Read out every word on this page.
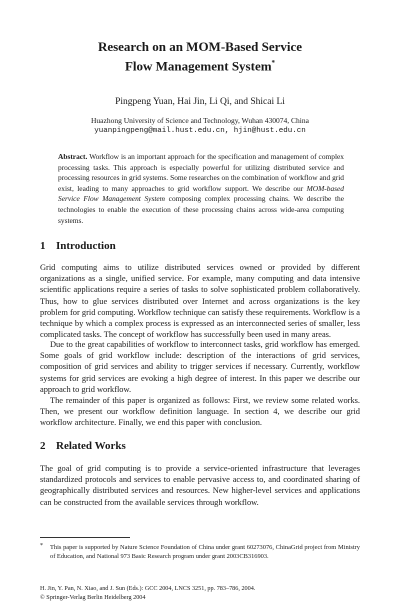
Research on an MOM-Based Service
Flow Management System*
Pingpeng Yuan, Hai Jin, Li Qi, and Shicai Li
Huazhong University of Science and Technology, Wuhan 430074, China
yuanpingpeng@mail.hust.edu.cn, hjin@hust.edu.cn
Abstract. Workflow is an important approach for the specification and management of complex processing tasks. This approach is especially powerful for utilizing distributed service and processing resources in grid systems. Some researches on the combination of workflow and grid exist, leading to many approaches to grid workflow support. We describe our MOM-based Service Flow Management System composing complex processing chains. We describe the technologies to enable the execution of these processing chains across wide-area computing systems.
1 Introduction
Grid computing aims to utilize distributed services owned or provided by different organizations as a single, unified service. For example, many computing and data intensive scientific applications require a series of tasks to solve sophisticated problem collaboratively. Thus, how to glue services distributed over Internet and across organizations is the key problem for grid computing. Workflow technique can satisfy these requirements. Workflow is a technique by which a complex process is expressed as an interconnected series of smaller, less complicated tasks. The concept of workflow has successfully been used in many areas.
Due to the great capabilities of workflow to interconnect tasks, grid workflow has emerged. Some goals of grid workflow include: description of the interactions of grid services, composition of grid services and ability to trigger services if necessary. Currently, workflow systems for grid services are evoking a high degree of interest. In this paper we describe our approach to grid workflow.
The remainder of this paper is organized as follows: First, we review some related works. Then, we present our workflow definition language. In section 4, we describe our grid workflow architecture. Finally, we end this paper with conclusion.
2 Related Works
The goal of grid computing is to provide a service-oriented infrastructure that leverages standardized protocols and services to enable pervasive access to, and coordinated sharing of geographically distributed services and resources. New higher-level services and applications can be constructed from the available services through workflow.
*	This paper is supported by Nature Science Foundation of China under grant 60273076, ChinaGrid project from Ministry of Education, and National 973 Basic Research program under grant 2003CB316903.
H. Jin, Y. Pan, N. Xiao, and J. Sun (Eds.): GCC 2004, LNCS 3251, pp. 783–786, 2004.
© Springer-Verlag Berlin Heidelberg 2004
